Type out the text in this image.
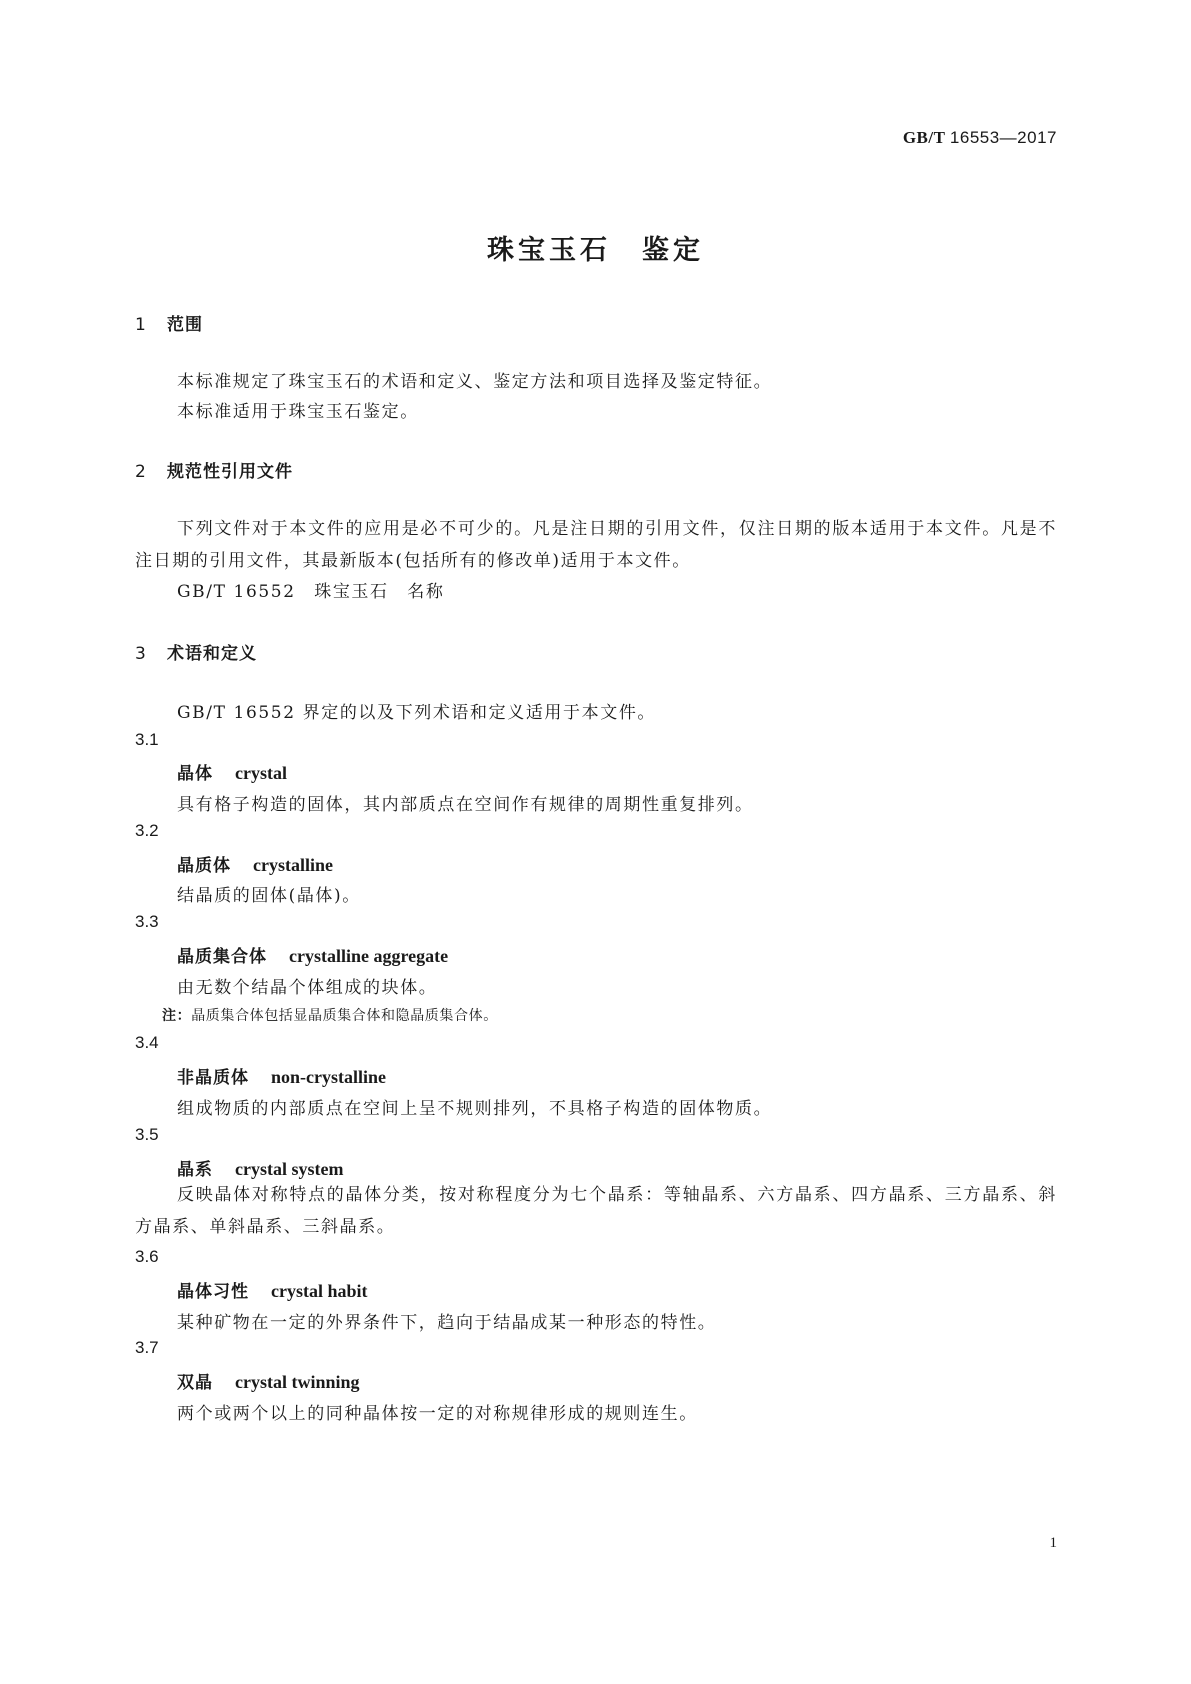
GB/T 16553—2017
珠宝玉石　鉴定
1 范围
本标准规定了珠宝玉石的术语和定义、鉴定方法和项目选择及鉴定特征。
本标准适用于珠宝玉石鉴定。
2 规范性引用文件
下列文件对于本文件的应用是必不可少的。凡是注日期的引用文件，仅注日期的版本适用于本文件。凡是不注日期的引用文件，其最新版本(包括所有的修改单)适用于本文件。
GB/T 16552　珠宝玉石　名称
3 术语和定义
GB/T 16552 界定的以及下列术语和定义适用于本文件。
3.1
晶体 crystal
具有格子构造的固体，其内部质点在空间作有规律的周期性重复排列。
3.2
晶质体 crystalline
结晶质的固体(晶体)。
3.3
晶质集合体 crystalline aggregate
由无数个结晶个体组成的块体。
注：晶质集合体包括显晶质集合体和隐晶质集合体。
3.4
非晶质体 non-crystalline
组成物质的内部质点在空间上呈不规则排列，不具格子构造的固体物质。
3.5
晶系 crystal system
反映晶体对称特点的晶体分类，按对称程度分为七个晶系：等轴晶系、六方晶系、四方晶系、三方晶系、斜方晶系、单斜晶系、三斜晶系。
3.6
晶体习性 crystal habit
某种矿物在一定的外界条件下，趋向于结晶成某一种形态的特性。
3.7
双晶 crystal twinning
两个或两个以上的同种晶体按一定的对称规律形成的规则连生。
1
